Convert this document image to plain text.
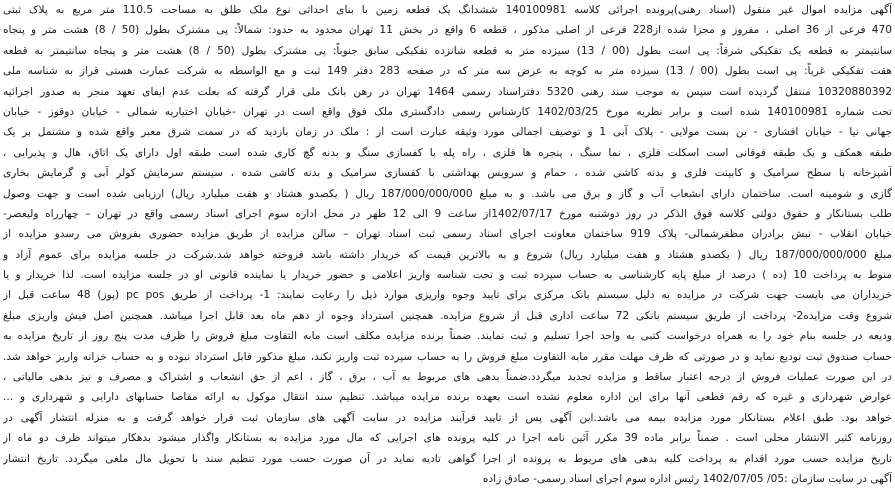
آگهی مزایده اموال غیر منقول (اسناد رهنی)پرونده اجرائی کلاسه 140100981 ششدانگ یک قطعه زمین با بنای احداثی نوع ملک طلق به مساحت 110.5 متر مربع به پلاک ثبتی
470 فرعی از 36 اصلی ، مفروز و مجزا شده از228 فرعی از اصلی مذکور ، قطعه 6 واقع در بخش 11 تهران محدود به حدود: شمالاً: پی مشترک بطول (50 / 8) هشت متر و پنجاه
سانتیمتر به قطعه یک تفکیکی شرقاً: پی است بطول (00 / 13) سیزده متر به قطعه شانزده تفکیکی سابق جنوباً: پی مشترک بطول (50 / 8) هشت متر و پنجاه سانتیمتر به قطعه
هفت تفکیکی غرباً: پی است بطول (00 / 13) سیزده متر به کوچه به عرض سه متر که در صفحه 283 دفتر 149 ثبت و مع الواسطه به شرکت عمارت هستی قراز به شناسه ملی
10320880392 منتقل گردیده است سپس به موجب سند رهنی 5320 دفتراسناد رسمی 1464 تهران در رهن بانک ملی قرار گرفته که بعلت عدم ایفای تعهد منجر به صدور اجرائیه
تحت شماره 140100981 شده است و برابر نظریه مورخ 1402/03/25 کارشناس رسمی دادگستری ملک فوق واقع است در تهران -خیابان اختیاریه شمالی - خیابان دوقوز - خیابان
جهانی نیا - خیابان افشاری - بن بست مولایی - پلاک آبی 1 و توصیف اجمالی مورد وثیقه عبارت است از : ملک در زمان بازدید که در سمت شرق معبر واقع شده و مشتمل بر یک
طبقه همکف و یک طبقه فوقانی است اسکلت فلزی ، نما سنگ ، پنجره ها فلزی ، راه پله با کفسازی سنگ و بدنه گچ کاری شده است طبقه اول دارای یک اتاق، هال و پذیرایی ،
آشپزخانه با سطح سرامیک و کابینت فلزی و بدنه کاشی شده ، حمام و سرویس بهداشتی با کفسازی سرامیک و بدنه کاشی شده ، سیستم سرمایش کولر آبی و گرمایش بخاری
گازی و شومینه است. ساختمان دارای انشعاب آب و گاز و برق می باشد. و به مبلغ 187/000/000/000 ریال ( یکصدو هشتاد و هفت میلیارد ریال) ارزیابی شده است و جهت وصول
طلب بستانکار و حقوق دولتی کلاسه فوق الذکر در روز دوشنبه مورخ 1402/07/17از ساعت 9 الی 12 ظهر در محل اداره سوم اجرای اسناد رسمی واقع در تهران – چهارراه ولیعصر-
خیابان انقلاب - نبش برادران مظفرشمالی- پلاک 919 ساختمان معاونت اجرای اسناد رسمی ثبت اسناد تهران – سالن مزایده از طریق مزایده حضوری بفروش می رسدو مزایده از
مبلغ 187/000/000/000 ریال ( یکصدو هشتاد و هفت میلیارد ریال) شروع و به بالاترین قیمت که خریدار داشته باشد فروخته خواهد شد.شرکت در جلسه مزایده برای عموم آزاد و
منوط به پرداخت 10 (ده ) درصد از مبلغ پایه کارشناسی به حساب سپرده ثبت و تحت شناسه واریز اعلامی و حضور خریدار یا نماینده قانونی او در جلسه مزایده است. لذا خریدار و یا
خریداران می بایست جهت شرکت در مزایده به دلیل سیستم بانک مرکزی برای تایید وجوه واریزی موارد ذیل را رعایت نمایند: 1- پرداخت از طریق pc pos (پوز) 48 ساعت قبل از
شروع وقت مزایده2- پرداخت از طریق سیستم بانکی 72 ساعت اداری قبل از شروع مزایده. همچنین استرداد وجوه از دهم ماه بعد قابل اجرا میباشد. همچنین اصل فیش واریزی مبلغ
ودیعه در جلسه بنام خود را به همراه درخواست کتبی به واحد اجرا تسلیم و ثبت نمایند. ضمناً برنده مزایده مکلف است مابه التفاوت مبلغ فروش را ظرف مدت پنج روز از تاریخ مزایده به
حساب صندوق ثبت تودیع نماید و در صورتی که ظرف مهلت مقرر مابه التفاوت مبلغ فروش را به حساب سپرده ثبت واریز نکند، مبلغ مذکور قابل استرداد نبوده و به حساب خزانه واریز خواهد شد.
در این صورت عملیات فروش از درجه اعتبار ساقط و مزایده تجدید میگردد.ضمناً بدهی های مربوط به آب ، برق ، گاز ، اعم از حق انشعاب و اشتراک و مصرف و نیز بدهی مالیاتی ،
عوارض شهرداری و غیره که رقم قطعی آنها برای این اداره معلوم نشده است بعهده برنده مزایده میباشد. تنظیم سند انتقال موکول به ارائه مفاصا حسابهای دارایی و شهرداری و ...
خواهد بود. طبق اعلام بستانکار مورد مزایده بیمه می باشد.این آگهی پس از تایید فرآیند مزایده در سایت آگهی های سازمان ثبت قرار خواهد گرفت و به منزله انتشار آگهی در
روزنامه کثیر الانتشار محلی است . ضمناً برابر ماده 39 مکرر آئین نامه اجرا در کلیه پرونده های اجرایی که مال مورد مزایده به بستانکار واگذار میشود بدهکار میتواند ظرف دو ماه از
تاریخ مزایده حسب مورد اقدام به پرداخت کلیه بدهی های مربوط به پرونده از اجرا گواهی تادیه نماید در آن صورت حسب مورد تنظیم سند با تحویل مال ملغی میگردد. تاریخ انتشار
آگهی در سایت سازمان :05/ 1402/07/05 رئیس اداره سوم اجرای اسناد رسمی- صادق زاده
